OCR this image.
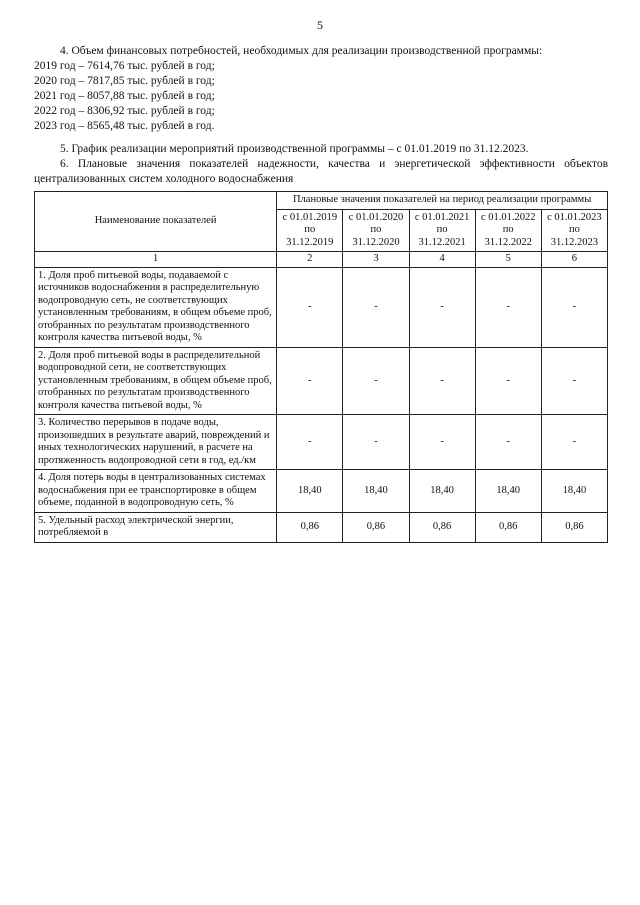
5

4. Объем финансовых потребностей, необходимых для реализации производственной программы:

2019 год – 7614,76 тыс. рублей в год;

2020 год – 7817,85 тыс. рублей в год;

2021 год – 8057,88 тыс. рублей в год;

2022 год – 8306,92 тыс. рублей в год;

2023 год – 8565,48 тыс. рублей в год.

5. График реализации мероприятий производственной программы – с 01.01.2019 по 31.12.2023.

6. Плановые значения показателей надежности, качества и энергетической эффективности объектов централизованных систем холодного водоснабжения

Наименование показателей	Плановые значения показателей на период реализации программы				
	с 01.01.2019 по 31.12.2019	с 01.01.2020 по 31.12.2020	с 01.01.2021 по 31.12.2021	с 01.01.2022 по 31.12.2022	с 01.01.2023 по 31.12.2023
1	2	3	4	5	6
1. Доля проб питьевой воды, подаваемой с источников водоснабжения в распределительную водопроводную сеть, не соответствующих установленным требованиям, в общем объеме проб, отобранных по результатам производственного контроля качества питьевой воды, %	-	-	-	-	-
2. Доля проб питьевой воды в распределительной водопроводной сети, не соответствующих установленным требованиям, в общем объеме проб, отобранных по результатам производственного контроля качества питьевой воды, %	-	-	-	-	-
3. Количество перерывов в подаче воды, произошедших в результате аварий, повреждений и иных технологических нарушений, в расчете на протяженность водопроводной сети в год, ед./км	-	-	-	-	-
4. Доля потерь воды в централизованных системах водоснабжения при ее транспортировке в общем объеме, поданной в водопроводную сеть, %	18,40	18,40	18,40	18,40	18,40
5. Удельный расход электрической энергии, потребляемой в	0,86	0,86	0,86	0,86	0,86
